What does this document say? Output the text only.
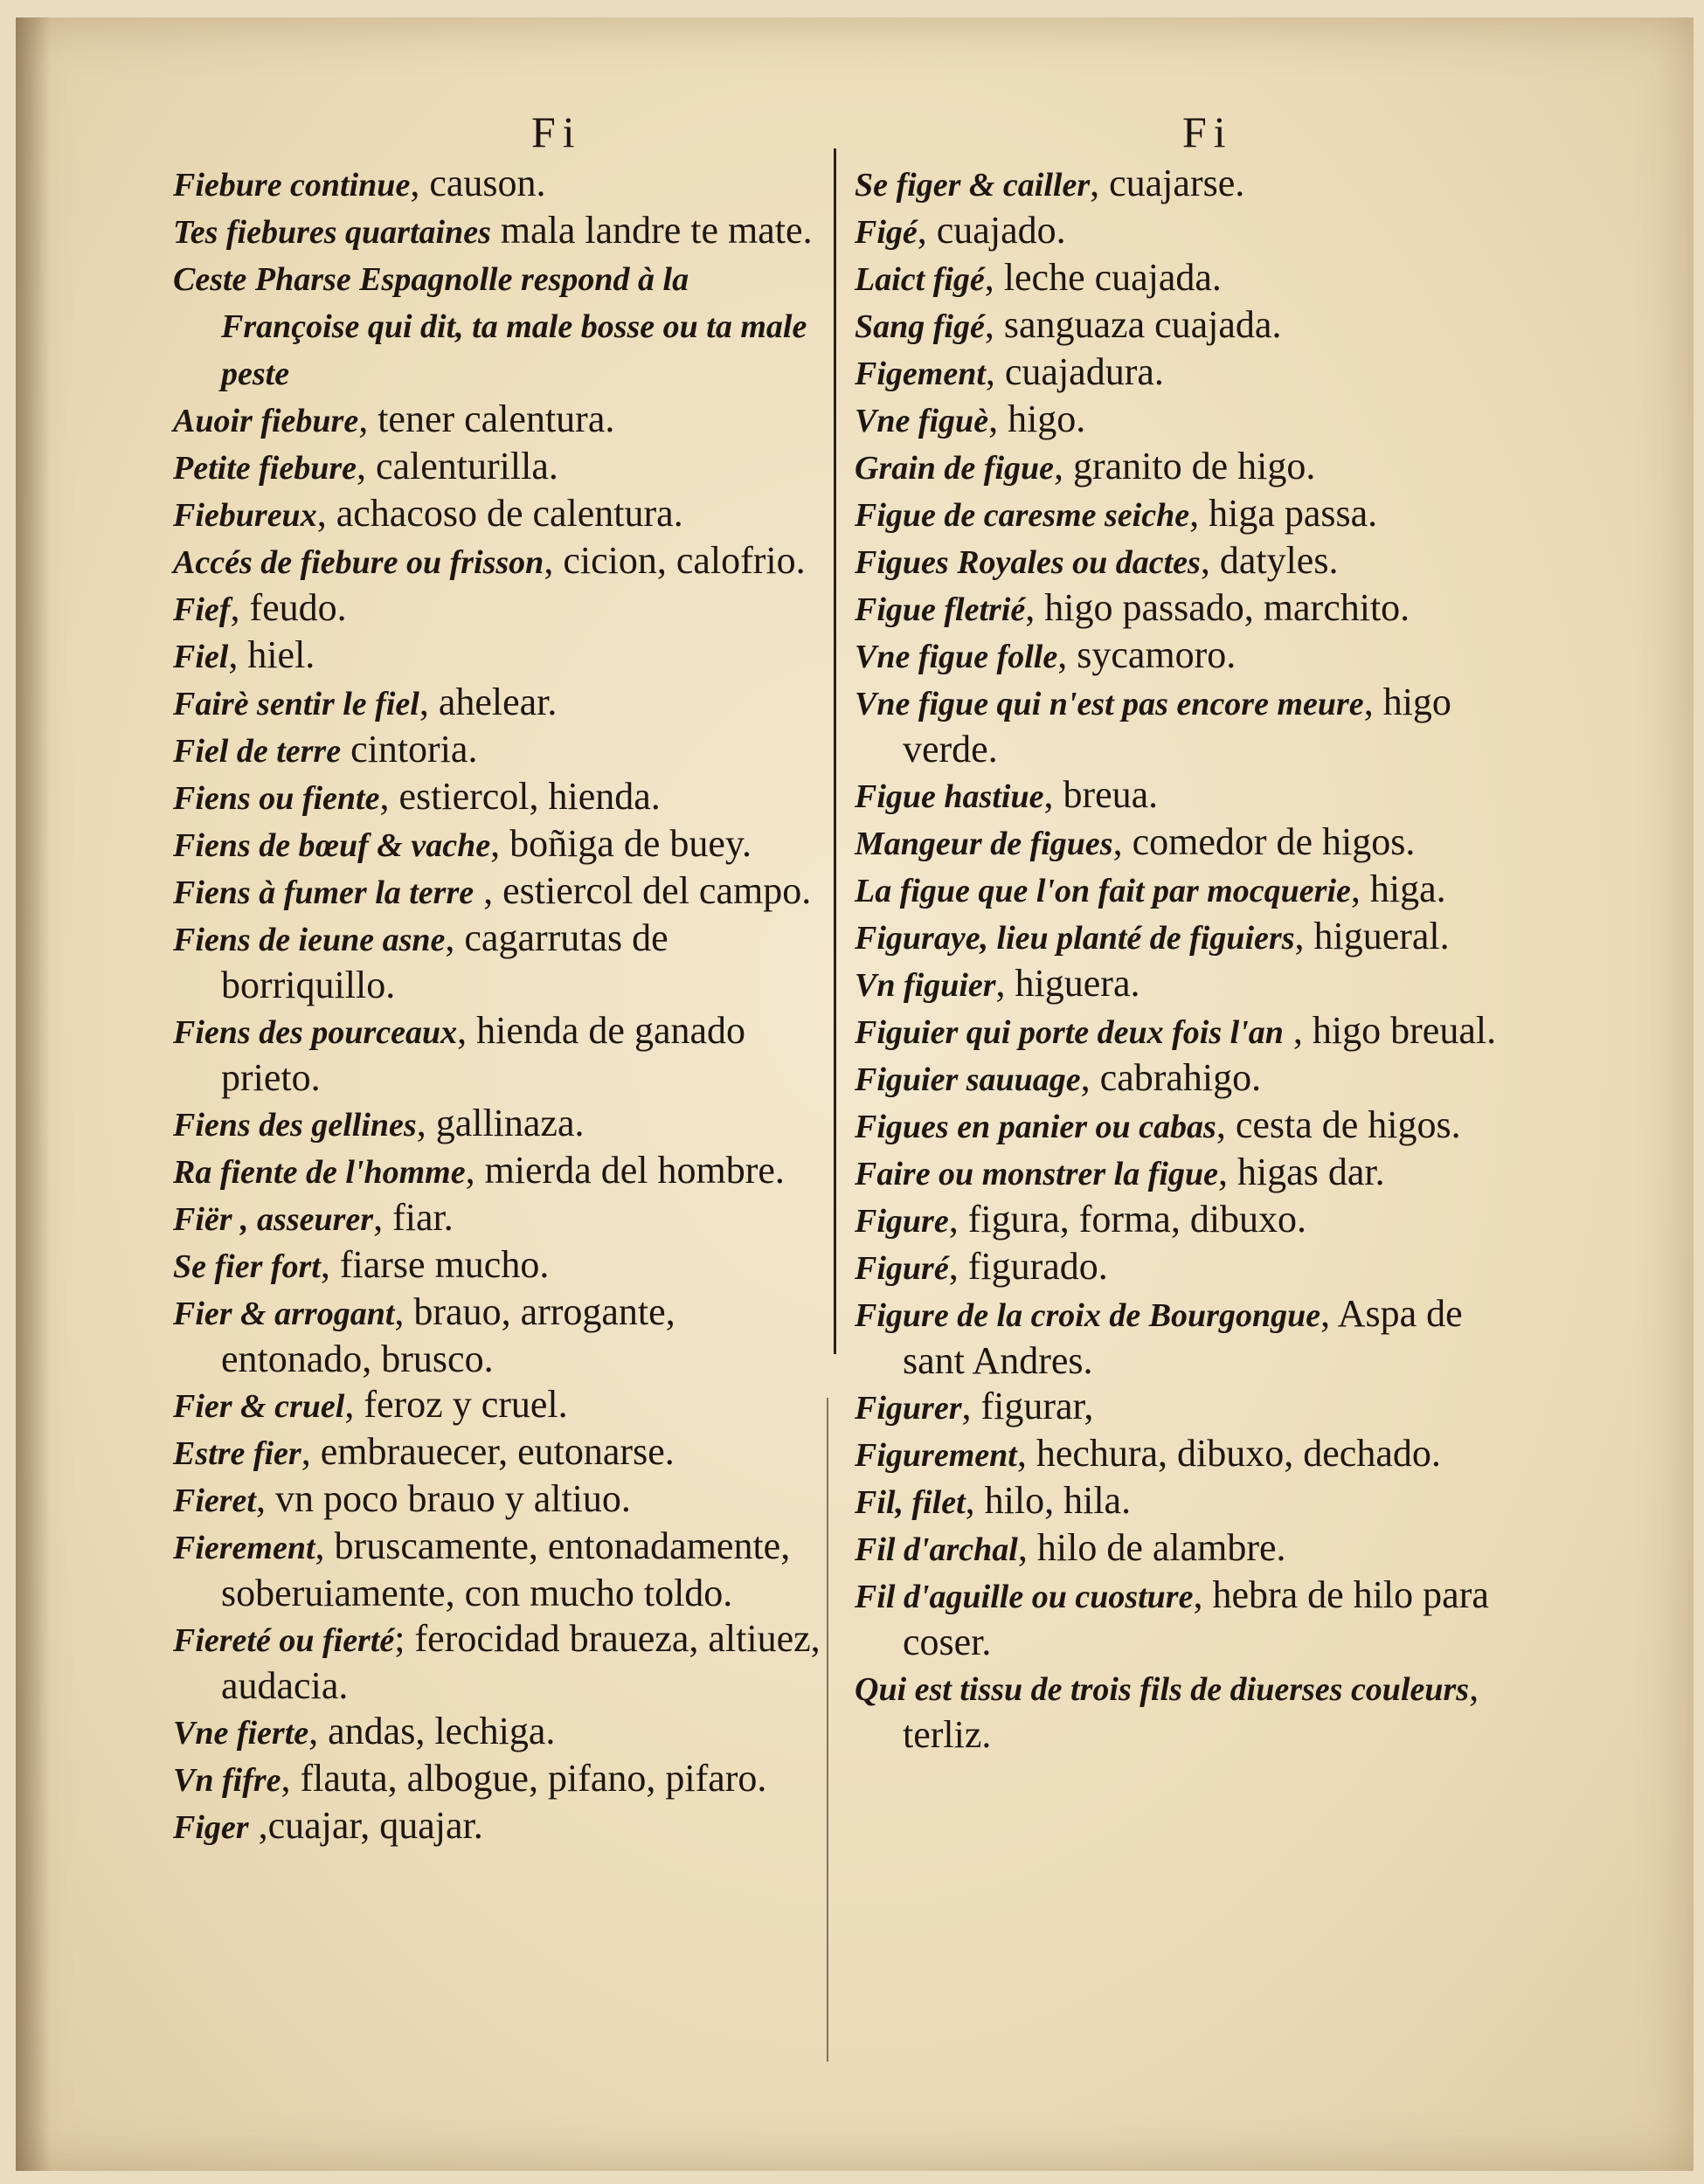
Fi	Fi

Fiebure continue, causon.

Tes fiebures quartaines mala landre te mate.

Ceste Pharse Espagnolle respond à la Françoise qui dit, ta male bosse ou ta male peste

Auoir fiebure, tener calentura.

Petite fiebure, calenturilla.

Fiebureux, achacoso de calentura.

Accés de fiebure ou frisson, cicion, calofrio.

Fief, feudo.

Fiel, hiel.

Fairè sentir le fiel, ahelear.

Fiel de terre cintoria.

Fiens ou fiente, estiercol, hienda.

Fiens de bœuf & vache, boñiga de buey.

Fiens à fumer la terre , estiercol del campo.

Fiens de ieune asne, cagarrutas de borriquillo.

Fiens des pourceaux, hienda de ganado prieto.

Fiens des gellines, gallinaza.

Ra fiente de l'homme, mierda del hombre.

Fiër , asseurer, fiar.

Se fier fort, fiarse mucho.

Fier & arrogant, brauo, arrogante, entonado, brusco.

Fier & cruel, feroz y cruel.

Estre fier, embrauecer, eutonarse.

Fieret, vn poco brauo y altiuo.

Fierement, bruscamente, entonadamente, soberuiamente, con mucho toldo.

Fiereté ou fierté; ferocidad braueza, altiuez, audacia.

Vne fierte, andas, lechiga.

Vn fifre, flauta, albogue, pifano, pifaro.

Figer ,cuajar, quajar.

Se figer & cailler, cuajarse.

Figé, cuajado.

Laict figé, leche cuajada.

Sang figé, sanguaza cuajada.

Figement, cuajadura.

Vne figuè, higo.

Grain de figue, granito de higo.

Figue de caresme seiche, higa passa.

Figues Royales ou dactes, datyles.

Figue fletrié, higo passado, marchito.

Vne figue folle, sycamoro.

Vne figue qui n'est pas encore meure, higo verde.

Figue hastiue, breua.

Mangeur de figues, comedor de higos.

La figue que l'on fait par mocquerie, higa.

Figuraye, lieu planté de figuiers, higueral.

Vn figuier, higuera.

Figuier qui porte deux fois l'an , higo breual.

Figuier sauuage, cabrahigo.

Figues en panier ou cabas, cesta de higos.

Faire ou monstrer la figue, higas dar.

Figure, figura, forma, dibuxo.

Figuré, figurado.

Figure de la croix de Bourgongue, Aspa de sant Andres.

Figurer, figurar,

Figurement, hechura, dibuxo, dechado.

Fil, filet, hilo, hila.

Fil d'archal, hilo de alambre.

Fil d'aguille ou cuosture, hebra de hilo para coser.

Qui est tissu de trois fils de diuerses couleurs, terliz.
